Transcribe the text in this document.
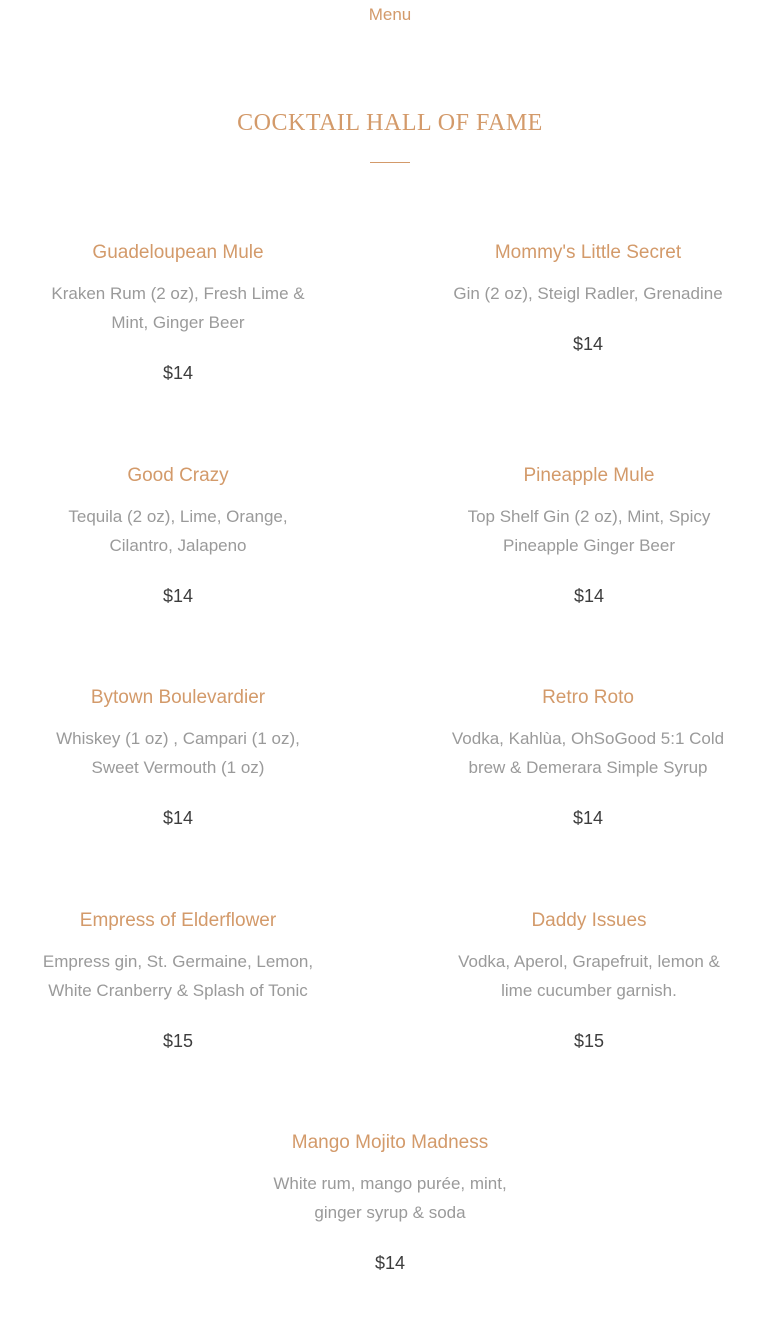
Menu
COCKTAIL HALL OF FAME
Guadeloupean Mule
Kraken Rum (2 oz), Fresh Lime & Mint, Ginger Beer
$14
Mommy's Little Secret
Gin (2 oz), Steigl Radler, Grenadine
$14
Good Crazy
Tequila (2 oz), Lime, Orange, Cilantro, Jalapeno
$14
Pineapple Mule
Top Shelf Gin (2 oz), Mint, Spicy Pineapple Ginger Beer
$14
Bytown Boulevardier
Whiskey (1 oz) , Campari (1 oz), Sweet Vermouth (1 oz)
$14
Retro Roto
Vodka, Kahlùa, OhSoGood 5:1 Cold brew & Demerara Simple Syrup
$14
Empress of Elderflower
Empress gin, St. Germaine, Lemon, White Cranberry & Splash of Tonic
$15
Daddy Issues
Vodka, Aperol, Grapefruit, lemon & lime cucumber garnish.
$15
Mango Mojito Madness
White rum, mango purée, mint, ginger syrup & soda
$14
